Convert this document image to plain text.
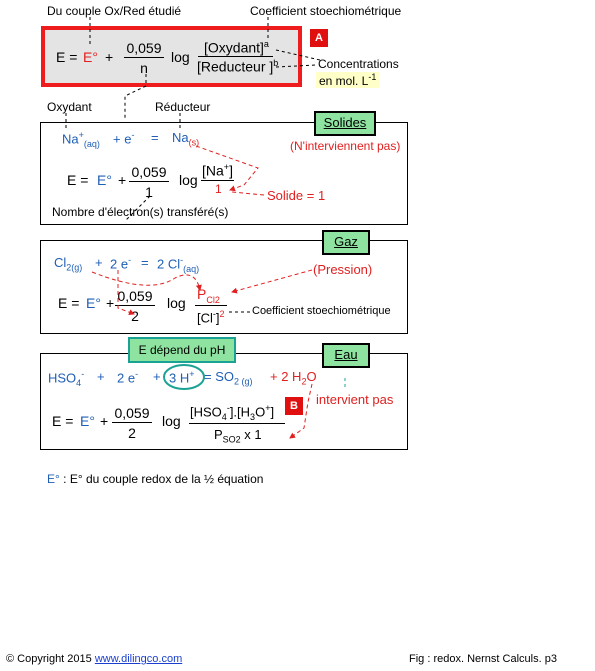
Du couple Ox/Red étudié	Coefficient stoechiométrique
A
$E = E^\circ + \frac{0,059}{n}$ log
[Oxydant]$^a$
[Reducteur ]$^b$	Concentrations
en mol. $L^{-1}$
Oxydant	Réducteur
Solides
(N'interviennent pas)
$Na^+_{(aq)} + e^- = Na_{(s)}$
$E = E^\circ + \frac{0,059}{1}$ log
[Na+]
1	Solide = 1
Nombre d'électron(s) transféré(s)
Gaz
$Cl_{2(g)} + 2$ e- = 2 $Cl^-_{(aq)}$	(Pression)
$E = E^\circ + \frac{0,059}{2}$ log
$P_{Cl2}$
$[Cl^-]^2$ Coefficient stoechiométrique
Eau
E dépend du pH
$HSO_4^- + 2$ e- + 3 $H^+ = SO_{2 (g)} + 2$ $H_2O$
intervient pas
B
$E = E^\circ + \frac{0,059}{2}$ log
$[HSO_4^-].[H_3O^+]$
$P_{SO2}$ x 1
E° : E° du couple redox de la ½ équation
© Copyright 2015 www.dilingco.com	Fig : redox. Nernst Calculs. p3
